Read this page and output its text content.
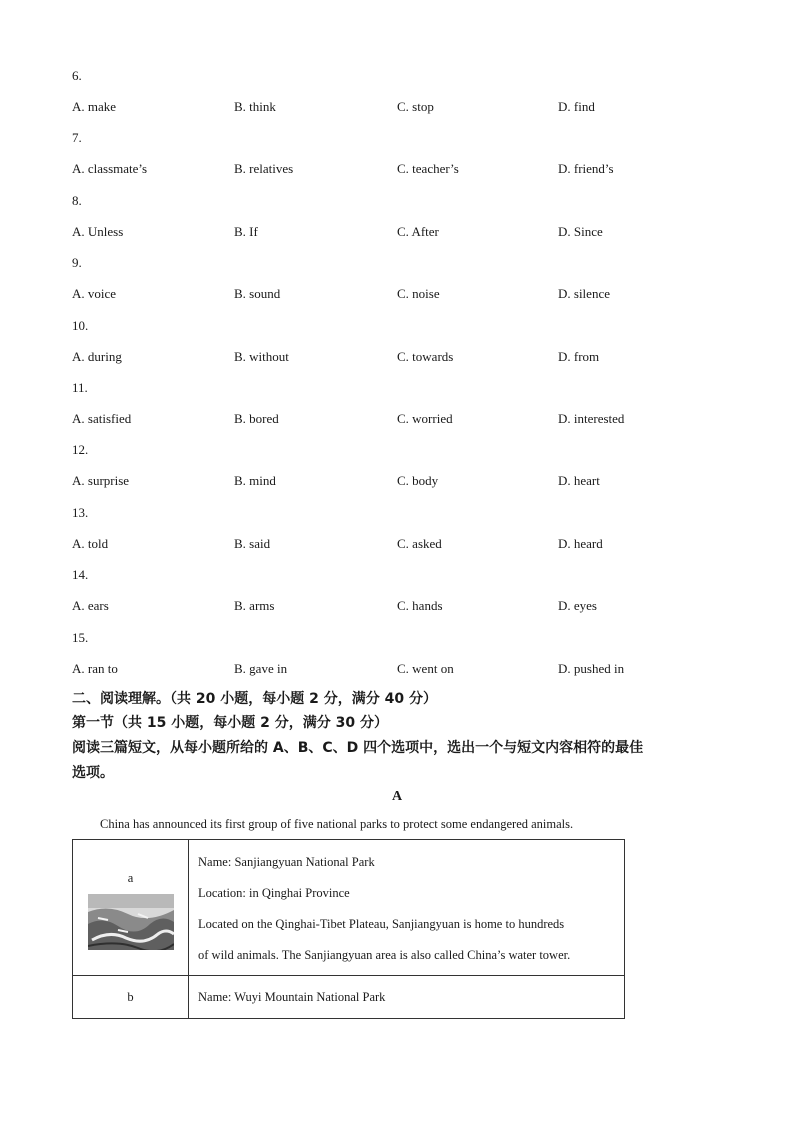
6.
A. make	B. think	C. stop	D. find
7.
A. classmate’s	B. relatives	C. teacher’s	D. friend’s
8.
A. Unless	B. If	C. After	D. Since
9.
A. voice	B. sound	C. noise	D. silence
10.
A. during	B. without	C. towards	D. from
11.
A. satisfied	B. bored	C. worried	D. interested
12.
A. surprise	B. mind	C. body	D. heart
13.
A. told	B. said	C. asked	D. heard
14.
A. ears	B. arms	C. hands	D. eyes
15.
A. ran to	B. gave in	C. went on	D. pushed in
二、阅读理解。（共 20 小题，每小题 2 分，满分 40 分）
第一节（共 15 小题，每小题 2 分，满分 30 分）
阅读三篇短文，从每小题所给的 A、B、C、D 四个选项中，选出一个与短文内容相符的最佳
选项。
A
China has announced its first group of five national parks to protect some endangered animals.
a	Name: Sanjiangyuan National Park

Location: in Qinghai Province

Located on the Qinghai-Tibet Plateau, Sanjiangyuan is home to hundreds

of wild animals. The Sanjiangyuan area is also called China’s water tower.

b	Name: Wuyi Mountain National Park
